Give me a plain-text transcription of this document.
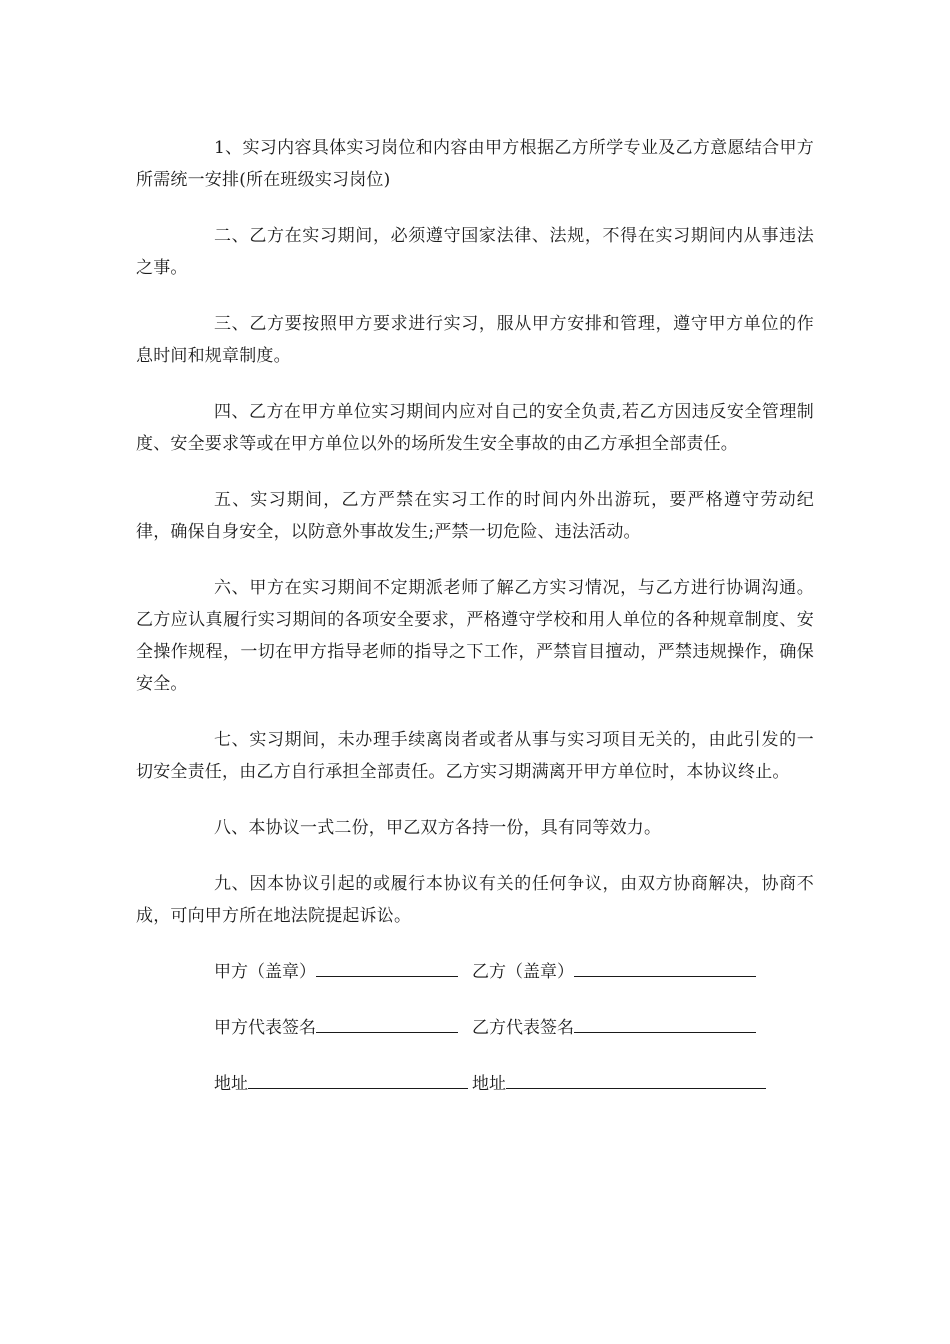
1、实习内容具体实习岗位和内容由甲方根据乙方所学专业及乙方意愿结合甲方所需统一安排(所在班级实习岗位)

二、乙方在实习期间，必须遵守国家法律、法规，不得在实习期间内从事违法之事。

三、乙方要按照甲方要求进行实习，服从甲方安排和管理，遵守甲方单位的作息时间和规章制度。

四、乙方在甲方单位实习期间内应对自己的安全负责,若乙方因违反安全管理制度、安全要求等或在甲方单位以外的场所发生安全事故的由乙方承担全部责任。

五、实习期间，乙方严禁在实习工作的时间内外出游玩，要严格遵守劳动纪律，确保自身安全，以防意外事故发生;严禁一切危险、违法活动。

六、甲方在实习期间不定期派老师了解乙方实习情况，与乙方进行协调沟通。乙方应认真履行实习期间的各项安全要求，严格遵守学校和用人单位的各种规章制度、安全操作规程，一切在甲方指导老师的指导之下工作，严禁盲目擅动，严禁违规操作，确保安全。

七、实习期间，未办理手续离岗者或者从事与实习项目无关的，由此引发的一切安全责任，由乙方自行承担全部责任。乙方实习期满离开甲方单位时，本协议终止。

八、本协议一式二份，甲乙双方各持一份，具有同等效力。

九、因本协议引起的或履行本协议有关的任何争议，由双方协商解决，协商不成，可向甲方所在地法院提起诉讼。

甲方（盖章）	乙方（盖章）
甲方代表签名	乙方代表签名
地址	地址
